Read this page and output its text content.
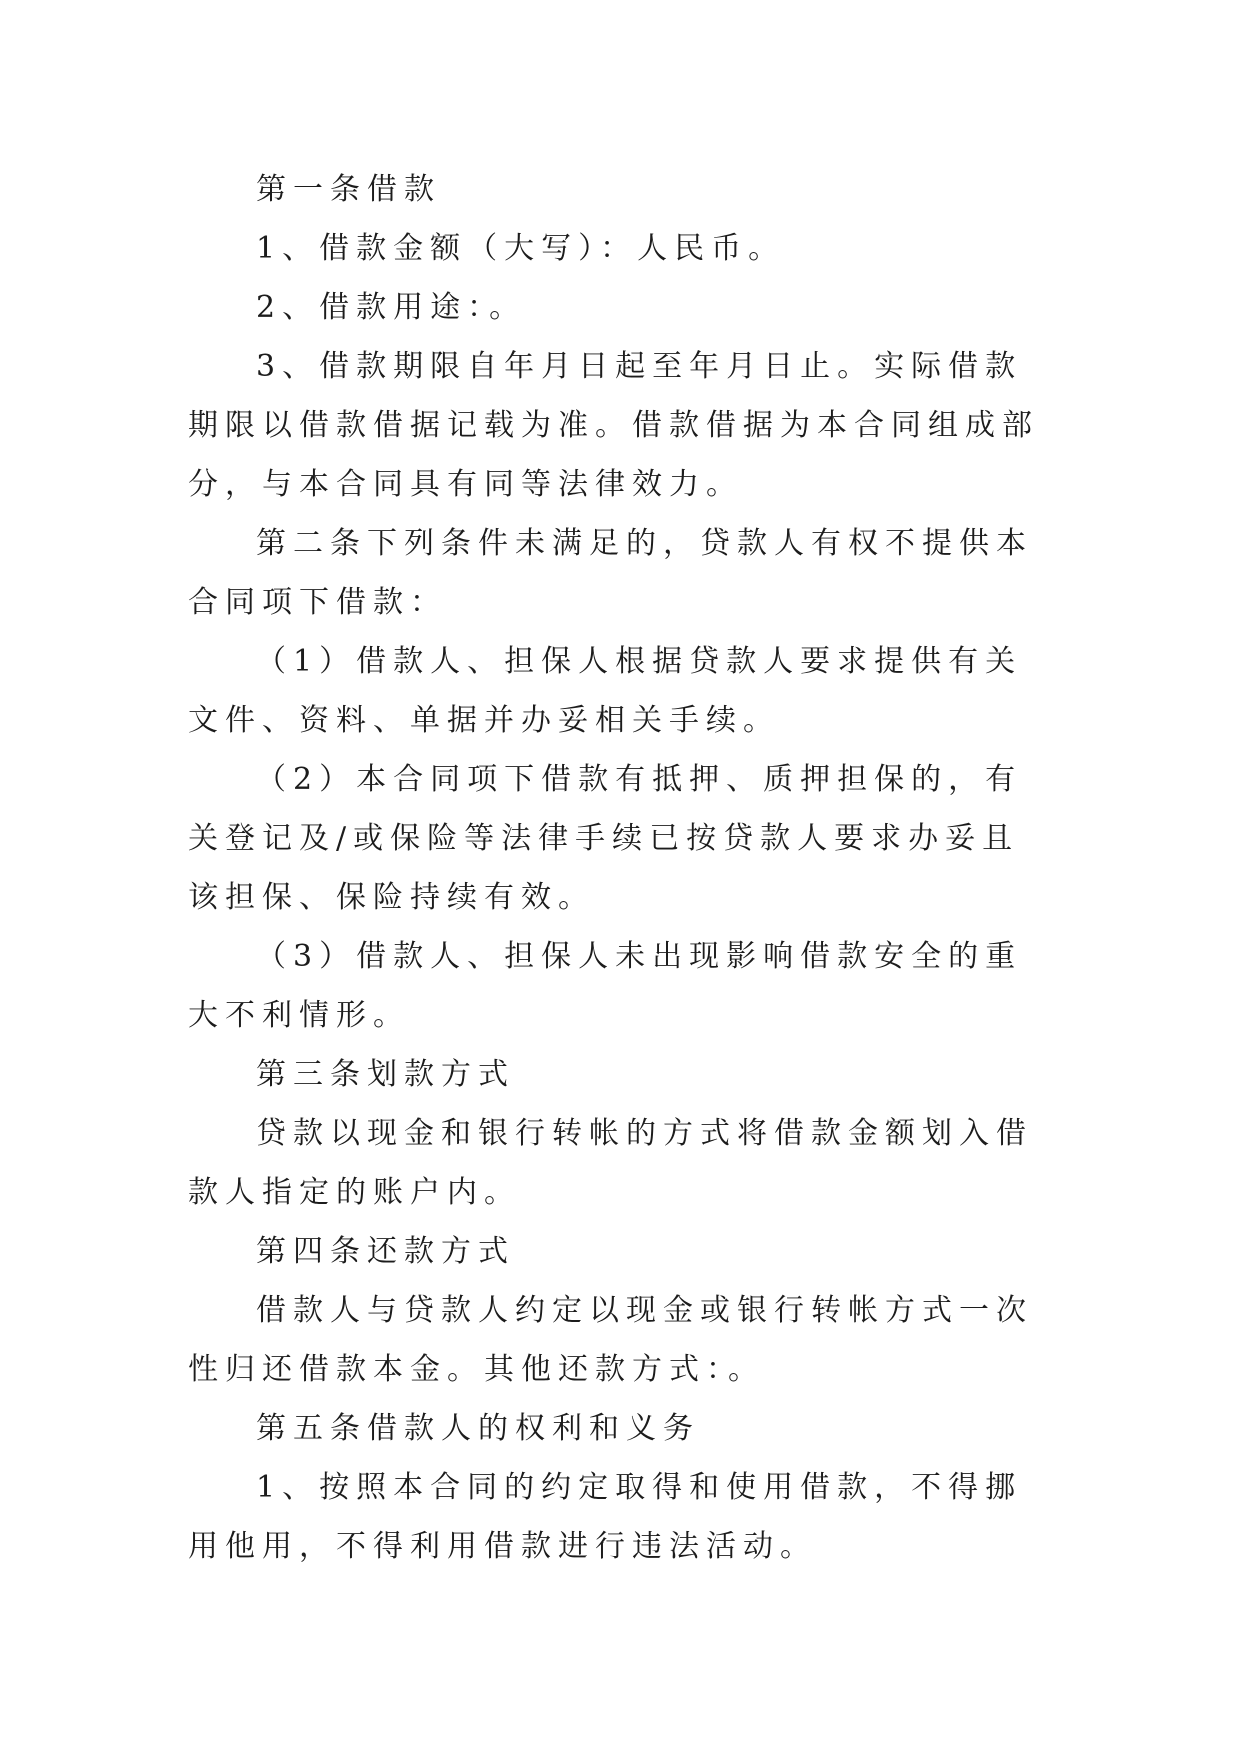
第一条借款

1、借款金额（大写）：人民币。

2、借款用途：。

3、借款期限自年月日起至年月日止。实际借款期限以借款借据记载为准。借款借据为本合同组成部分，与本合同具有同等法律效力。

第二条下列条件未满足的，贷款人有权不提供本合同项下借款：

（1）借款人、担保人根据贷款人要求提供有关文件、资料、单据并办妥相关手续。

（2）本合同项下借款有抵押、质押担保的，有关登记及/或保险等法律手续已按贷款人要求办妥且该担保、保险持续有效。

（3）借款人、担保人未出现影响借款安全的重大不利情形。

第三条划款方式

贷款以现金和银行转帐的方式将借款金额划入借款人指定的账户内。

第四条还款方式

借款人与贷款人约定以现金或银行转帐方式一次性归还借款本金。其他还款方式：。

第五条借款人的权利和义务

1、按照本合同的约定取得和使用借款，不得挪用他用，不得利用借款进行违法活动。
